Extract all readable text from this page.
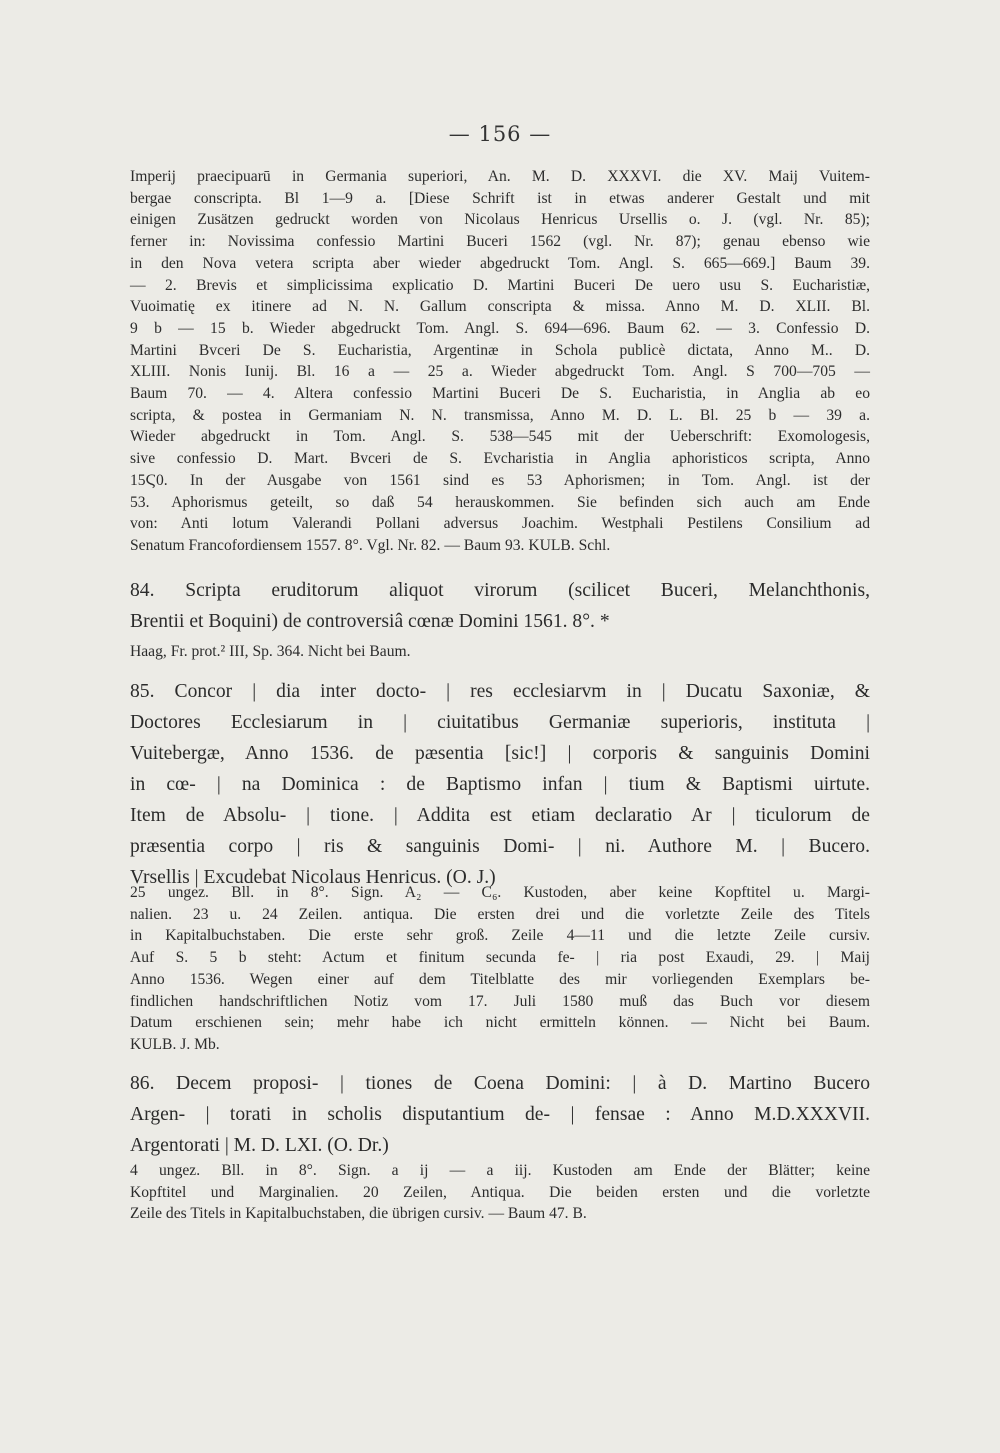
— 156 —
Imperij praecipuarū in Germania superiori, An. M. D. XXXVI. die XV. Maij Vuitem-
bergae conscripta. Bl 1—9 a. [Diese Schrift ist in etwas anderer Gestalt und mit
einigen Zusätzen gedruckt worden von Nicolaus Henricus Ursellis o. J. (vgl. Nr. 85);
ferner in: Novissima confessio Martini Buceri 1562 (vgl. Nr. 87); genau ebenso wie
in den Nova vetera scripta aber wieder abgedruckt Tom. Angl. S. 665—669.] Baum 39.
— 2. Brevis et simplicissima explicatio D. Martini Buceri De uero usu S. Eucharistiæ,
Vuoimatię ex itinere ad N. N. Gallum conscripta & missa. Anno M. D. XLII. Bl.
9 b — 15 b. Wieder abgedruckt Tom. Angl. S. 694—696. Baum 62. — 3. Confessio D.
Martini Bvceri De S. Eucharistia, Argentinæ in Schola publicè dictata, Anno M.. D.
XLIII. Nonis Iunij. Bl. 16 a — 25 a. Wieder abgedruckt Tom. Angl. S 700—705 —
Baum 70. — 4. Altera confessio Martini Buceri De S. Eucharistia, in Anglia ab eo
scripta, & postea in Germaniam N. N. transmissa, Anno M. D. L. Bl. 25 b — 39 a.
Wieder abgedruckt in Tom. Angl. S. 538—545 mit der Ueberschrift: Exomologesis,
sive confessio D. Mart. Bvceri de S. Evcharistia in Anglia aphoristicos scripta, Anno
15Ϛ0. In der Ausgabe von 1561 sind es 53 Aphorismen; in Tom. Angl. ist der
53. Aphorismus geteilt, so daß 54 herauskommen. Sie befinden sich auch am Ende
von: Anti lotum Valerandi Pollani adversus Joachim. Westphali Pestilens Consilium ad
Senatum Francofordiensem 1557. 8°. Vgl. Nr. 82. — Baum 93. KULB. Schl.
84. Scripta eruditorum aliquot virorum (scilicet Buceri, Melanchthonis,
Brentii et Boquini) de controversiâ cœnæ Domini 1561. 8°. *
Haag, Fr. prot.² III, Sp. 364. Nicht bei Baum.
85. Concor | dia inter docto- | res ecclesiarvm in | Ducatu Saxoniæ, &
Doctores Ecclesiarum in | ciuitatibus Germaniæ superioris, instituta |
Vuitebergæ, Anno 1536. de pæsentia [sic!] | corporis & sanguinis Domini
in cœ- | na Dominica : de Baptismo infan | tium & Baptismi uirtute.
Item de Absolu- | tione. | Addita est etiam declaratio Ar | ticulorum de
præsentia corpo | ris & sanguinis Domi- | ni. Authore M. | Bucero.
Vrsellis | Excudebat Nicolaus Henricus. (O. J.)
25 ungez. Bll. in 8°. Sign. A₂ — C₆. Kustoden, aber keine Kopftitel u. Margi-
nalien. 23 u. 24 Zeilen. antiqua. Die ersten drei und die vorletzte Zeile des Titels
in Kapitalbuchstaben. Die erste sehr groß. Zeile 4—11 und die letzte Zeile cursiv.
Auf S. 5 b steht: Actum et finitum secunda fe- | ria post Exaudi, 29. | Maij
Anno 1536. Wegen einer auf dem Titelblatte des mir vorliegenden Exemplars be-
findlichen handschriftlichen Notiz vom 17. Juli 1580 muß das Buch vor diesem
Datum erschienen sein; mehr habe ich nicht ermitteln können. — Nicht bei Baum.
KULB. J. Mb.
86. Decem proposi- | tiones de Coena Domini: | à D. Martino Bucero
Argen- | torati in scholis disputantium de- | fensae : Anno M.D.XXXVII.
Argentorati | M. D. LXI. (O. Dr.)
4 ungez. Bll. in 8°. Sign. a ij — a iij. Kustoden am Ende der Blätter; keine
Kopftitel und Marginalien. 20 Zeilen, Antiqua. Die beiden ersten und die vorletzte
Zeile des Titels in Kapitalbuchstaben, die übrigen cursiv. — Baum 47. B.
